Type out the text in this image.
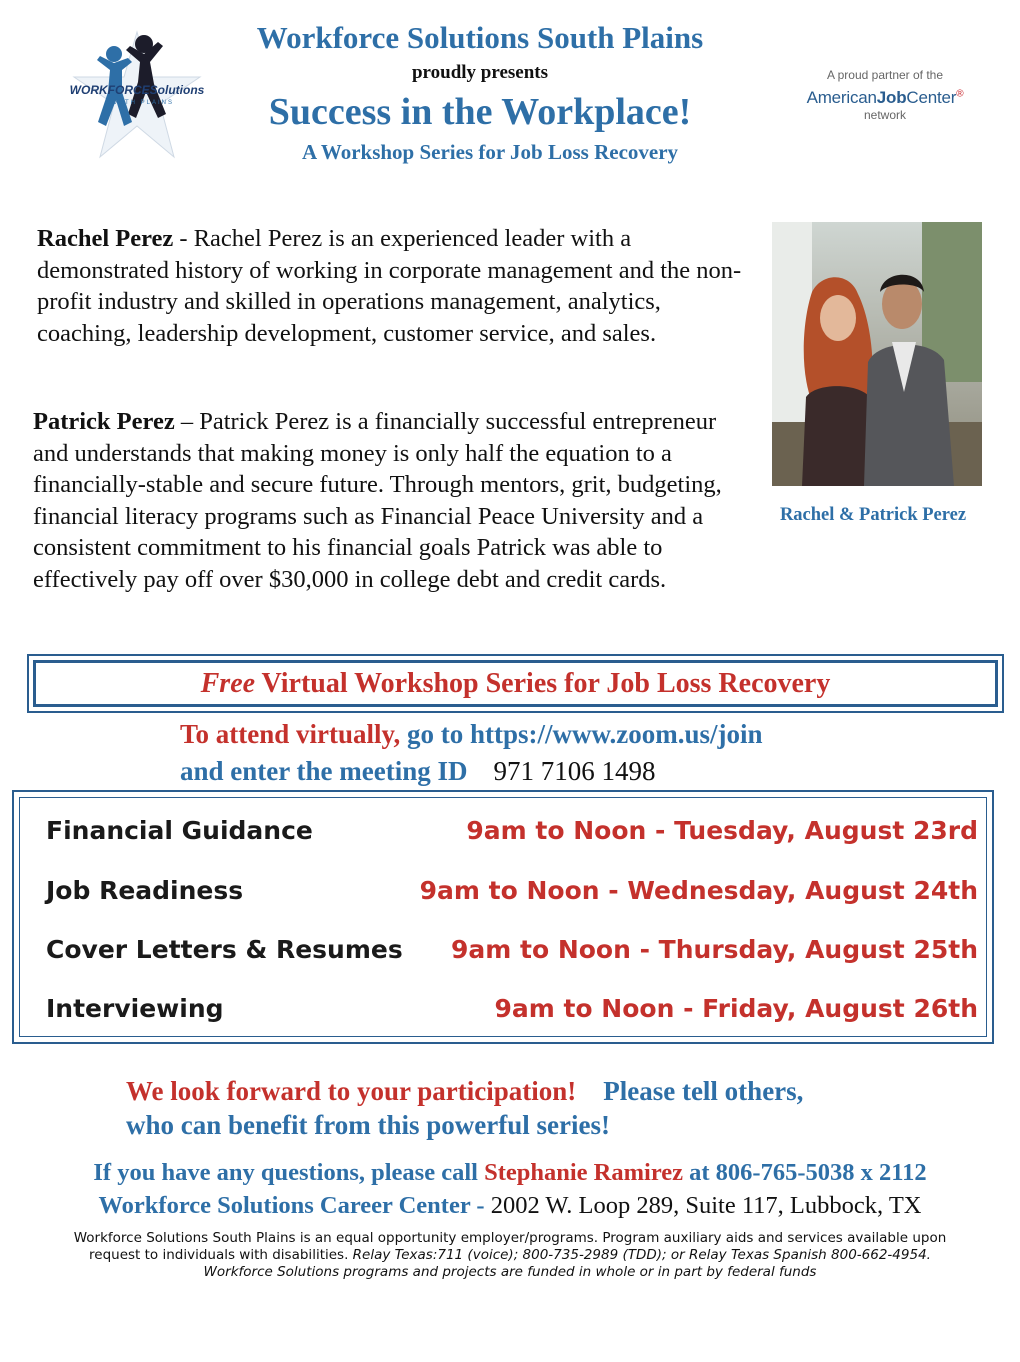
WORKFORCESolutions
SOUTH PLAINS
Workforce Solutions South Plains
proudly presents
Success in the Workplace!
A Workshop Series for Job Loss Recovery
A proud partner of the
AmericanJobCenter®
network
Rachel Perez - Rachel Perez is an experienced leader with a demonstrated history of working in corporate management and the non-profit industry and skilled in operations management, analytics, coaching, leadership development, customer service, and sales.
Patrick Perez – Patrick Perez is a financially successful entrepreneur and understands that making money is only half the equation to a financially-stable and secure future. Through mentors, grit, budgeting, financial literacy programs such as Financial Peace University and a consistent commitment to his financial goals Patrick was able to effectively pay off over $30,000 in college debt and credit cards.
Rachel & Patrick Perez
Free Virtual Workshop Series for Job Loss Recovery
To attend virtually, go to https://www.zoom.us/join
and enter the meeting ID 971 7106 1498
Financial Guidance	9am to Noon - Tuesday, August 23rd
Job Readiness	9am to Noon - Wednesday, August 24th
Cover Letters & Resumes 9am to Noon - Thursday, August 25th
Interviewing	9am to Noon - Friday, August 26th
We look forward to your participation! Please tell others,
who can benefit from this powerful series!
If you have any questions, please call Stephanie Ramirez at 806-765-5038 x 2112
Workforce Solutions Career Center - 2002 W. Loop 289, Suite 117, Lubbock, TX
Workforce Solutions South Plains is an equal opportunity employer/programs. Program auxiliary aids and services available upon request to individuals with disabilities. Relay Texas:711 (voice); 800-735-2989 (TDD); or Relay Texas Spanish 800-662-4954. Workforce Solutions programs and projects are funded in whole or in part by federal funds
